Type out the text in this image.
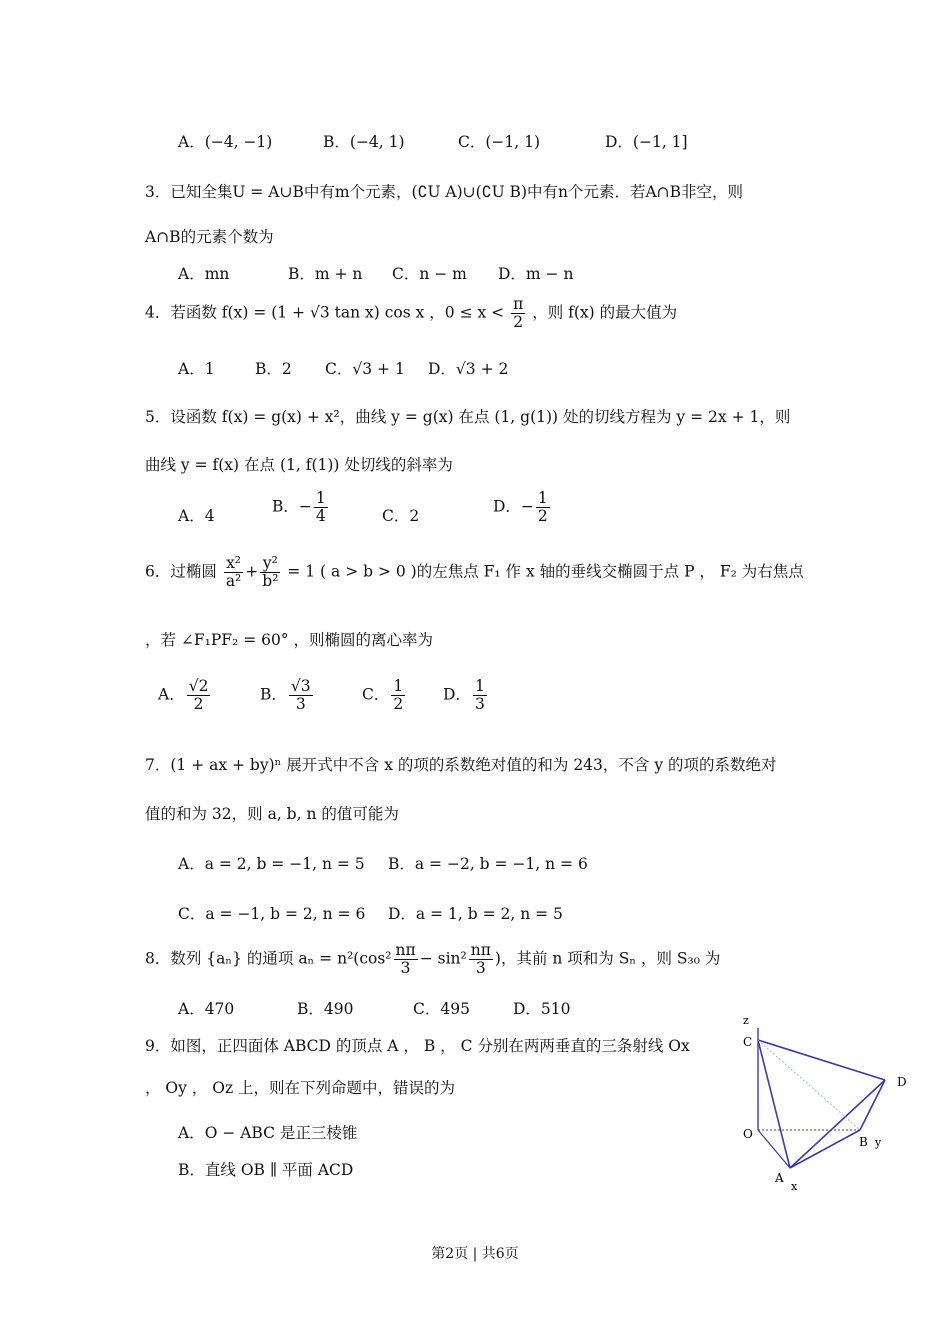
A．(−4, −1)	B．(−4, 1)	C．(−1, 1)	D．(−1, 1]
3．已知全集U = A∪B中有m个元素，(∁U A)∪(∁U B)中有n个元素．若A∩B非空，则
A∩B的元素个数为
A．mn	B．m + n C．n − m D．m − n
4．若函数 f(x) = (1 + √3 tan x) cos x ，$0 \le x < \frac{\pi}{2}$ ，则 f(x) 的最大值为
A．1	B．2 C．√3 + 1 D．√3 + 2
5．设函数 f(x) = g(x) + x²，曲线 y = g(x) 在点 (1, g(1)) 处的切线方程为 y = 2x + 1，则
曲线 y = f(x) 在点 (1, f(1)) 处切线的斜率为
A．4
B．− $\frac{1}{4}$	C．2
D．− $\frac{1}{2}$
6．过椭圆 $\frac{\text{x²}}{\text{a²}} + \frac{\text{y²}}{\text{b²}} = 1$ ( a > b > 0 )的左焦点 F₁ 作 x 轴的垂线交椭圆于点 P ， F₂ 为右焦点
，若 ∠F₁PF₂ = 60° ，则椭圆的离心率为
A． $\frac{√2}{2}$	B． $\frac{√3}{3}$	C． $\frac{1}{2}$ D． $\frac{1}{3}$
7．(1 + ax + by)ⁿ 展开式中不含 x 的项的系数绝对值的和为 243，不含 y 的项的系数绝对
值的和为 32，则 a, b, n 的值可能为
A．a = 2, b = −1, n = 5 B．a = −2, b = −1, n = 6
C．a = −1, b = 2, n = 6 D．a = 1, b = 2, n = 5
8．数列 {aₙ} 的通项 $a_n = n^2(\cos^2 \frac{n\pi}{3} - \sin^2 \frac{n\pi}{3}$ )，其前 n 项和为 Sₙ ，则 S₃₀ 为
A．470	B．490	C．495	D．510
9．如图，正四面体 ABCD 的顶点 A ， B ， C 分别在两两垂直的三条射线 Ox
， Oy ， Oz 上，则在下列命题中，错误的为
A．O − ABC 是正三棱锥
B．直线 OB ∥ 平面 ACD
z
C
D
O
B y
A
x
第2页 | 共6页
